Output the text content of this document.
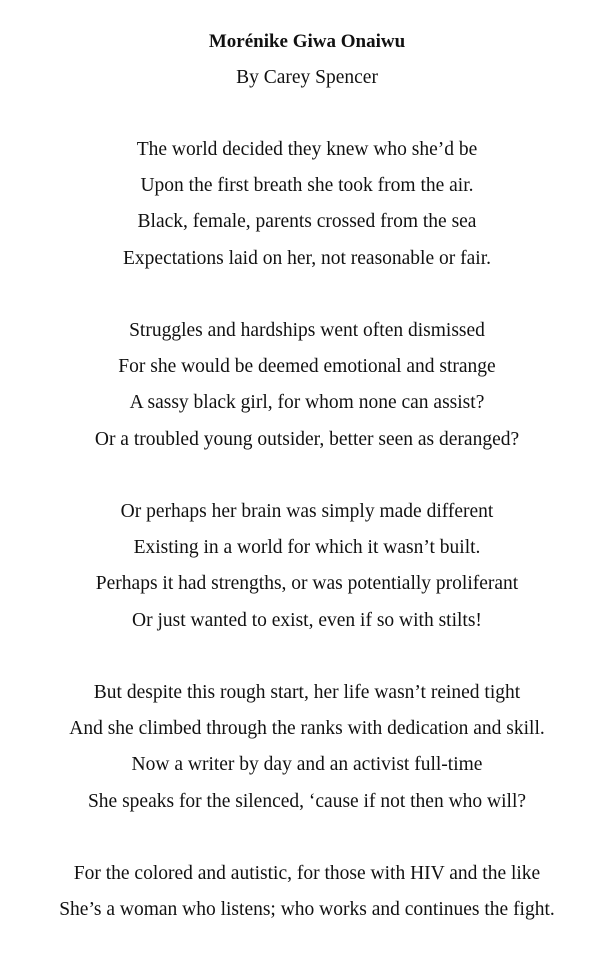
Morénike Giwa Onaiwu
By Carey Spencer
The world decided they knew who she’d be
Upon the first breath she took from the air.
Black, female, parents crossed from the sea
Expectations laid on her, not reasonable or fair.
Struggles and hardships went often dismissed
For she would be deemed emotional and strange
A sassy black girl, for whom none can assist?
Or a troubled young outsider, better seen as deranged?
Or perhaps her brain was simply made different
Existing in a world for which it wasn’t built.
Perhaps it had strengths, or was potentially proliferant
Or just wanted to exist, even if so with stilts!
But despite this rough start, her life wasn’t reined tight
And she climbed through the ranks with dedication and skill.
Now a writer by day and an activist full-time
She speaks for the silenced, ‘cause if not then who will?
For the colored and autistic, for those with HIV and the like
She’s a woman who listens; who works and continues the fight.
